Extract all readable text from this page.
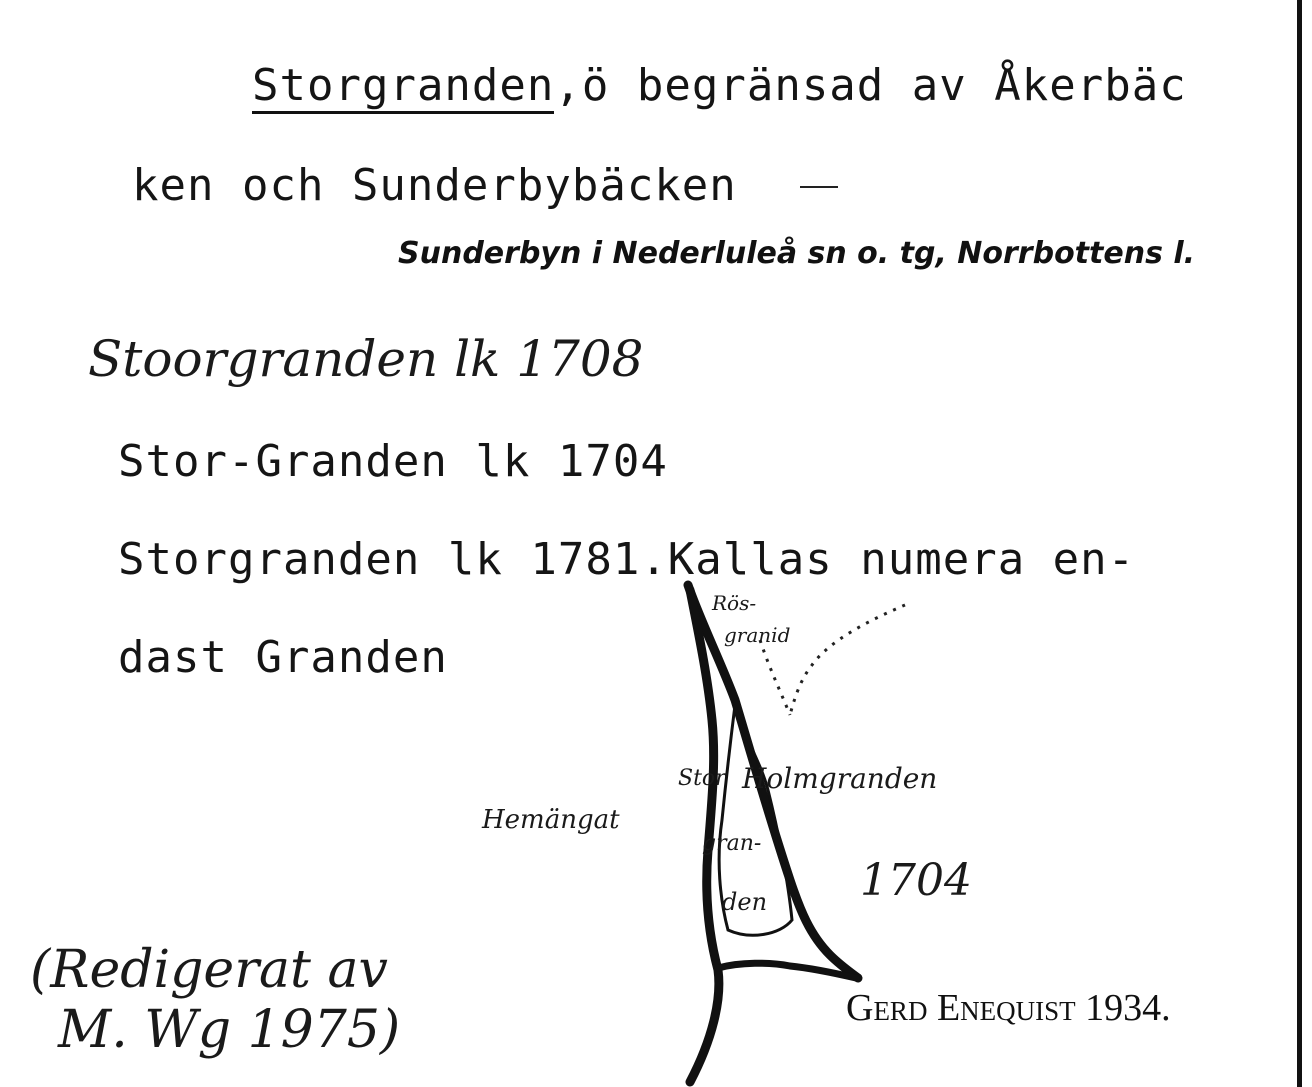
Storgranden,ö begränsad av Åkerbäc

ken och Sunderbybäcken

Sunderbyn i Nederluleå sn o. tg, Norrbottens l.

Stoorgranden lk 1708

Stor-Granden lk 1704

Storgranden lk 1781.Kallas numera en-

dast Granden

Rös-
granid
Stor Holmgranden
Hemängat
gran-
den 1704

(Redigerat av

M. Wg 1975)	Gerd Enequist 1934.
